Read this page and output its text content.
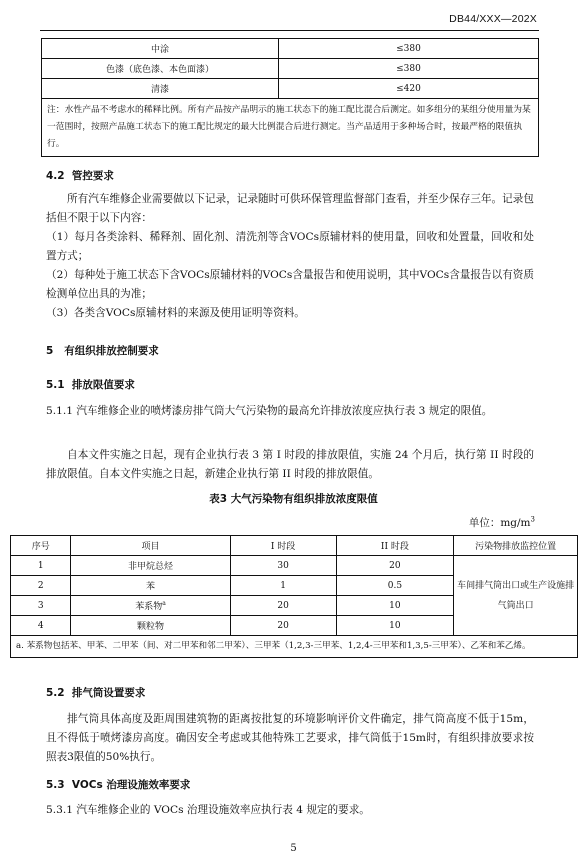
DB44/XXX—202X
中涂	≤380
色漆（底色漆、本色面漆）	≤380
清漆	≤420
注：水性产品不考虑水的稀释比例。所有产品按产品明示的施工状态下的施工配比混合后测定。如多组分的某组分使用量为某一范围时，按照产品施工状态下的施工配比规定的最大比例混合后进行测定。当产品适用于多种场合时，按最严格的限值执行。	
4.2 管控要求
所有汽车维修企业需要做以下记录，记录随时可供环保管理监督部门查看，并至少保存三年。记录包括但不限于以下内容：
（1）每月各类涂料、稀释剂、固化剂、清洗剂等含VOCs原辅材料的使用量，回收和处置量，回收和处置方式；
（2）每种处于施工状态下含VOCs原辅材料的VOCs含量报告和使用说明，其中VOCs含量报告以有资质检测单位出具的为准；
（3）各类含VOCs原辅材料的来源及使用证明等资料。
5 有组织排放控制要求
5.1 排放限值要求
5.1.1 汽车维修企业的喷烤漆房排气筒大气污染物的最高允许排放浓度应执行表 3 规定的限值。
自本文件实施之日起，现有企业执行表 3 第 I 时段的排放限值，实施 24 个月后，执行第 II 时段的排放限值。自本文件实施之日起，新建企业执行第 II 时段的排放限值。
表3 大气污染物有组织排放浓度限值
单位：$mg/m^3$
序号	项目	I 时段	II 时段	污染物排放监控位置
1	非甲烷总烃	30	20	车间排气筒出口或生产设施排气筒出口
2	苯	1	0.5	
3	苯系物$^a$	20	10	
4	颗粒物	20	10	
a. 苯系物包括苯、甲苯、二甲苯（间、对二甲苯和邻二甲苯）、三甲苯（1,2,3-三甲苯、1,2,4-三甲苯和1,3,5-三甲苯）、乙苯和苯乙烯。				
5.2 排气筒设置要求
排气筒具体高度及距周围建筑物的距离按批复的环境影响评价文件确定，排气筒高度不低于15m，且不得低于喷烤漆房高度。确因安全考虑或其他特殊工艺要求，排气筒低于15m时，有组织排放要求按照表3限值的50%执行。
5.3 VOCs 治理设施效率要求
5.3.1 汽车维修企业的 VOCs 治理设施效率应执行表 4 规定的要求。
5
